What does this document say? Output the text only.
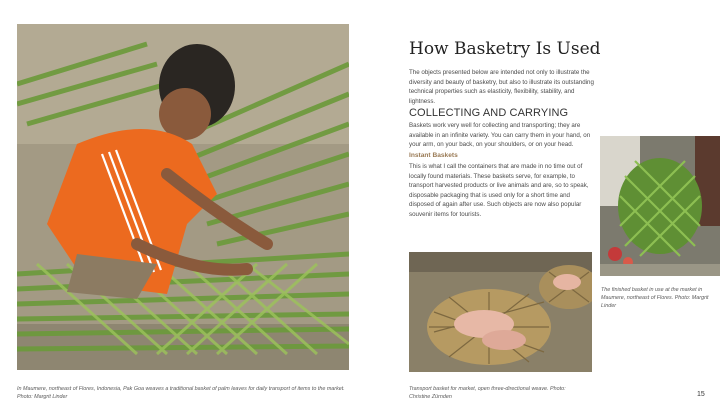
In Maumere, northeast of Flores, Indonesia, Pak Goa weaves a traditional basket of palm leaves for daily transport of items to the market. Photo: Margrit Linder

How Basketry Is Used

The objects presented below are intended not only to illustrate the diversity and beauty of basketry, but also to illustrate its outstanding technical properties such as elasticity, flexibility, stability, and lightness.

COLLECTING AND CARRYING

Baskets work very well for collecting and transporting; they are available in an infinite variety. You can carry them in your hand, on your arm, on your back, on your shoulders, or on your head.

Instant Baskets

This is what I call the containers that are made in no time out of locally found materials. These baskets serve, for example, to transport harvested products or live animals and are, so to speak, disposable packaging that is used only for a short time and disposed of again after use. Such objects are now also popular souvenir items for tourists.

Transport basket for market, open three-directional weave. Photo: Christine Zürnden

The finished basket in use at the market in Maumere, northeast of Flores. Photo: Margrit Linder

15
